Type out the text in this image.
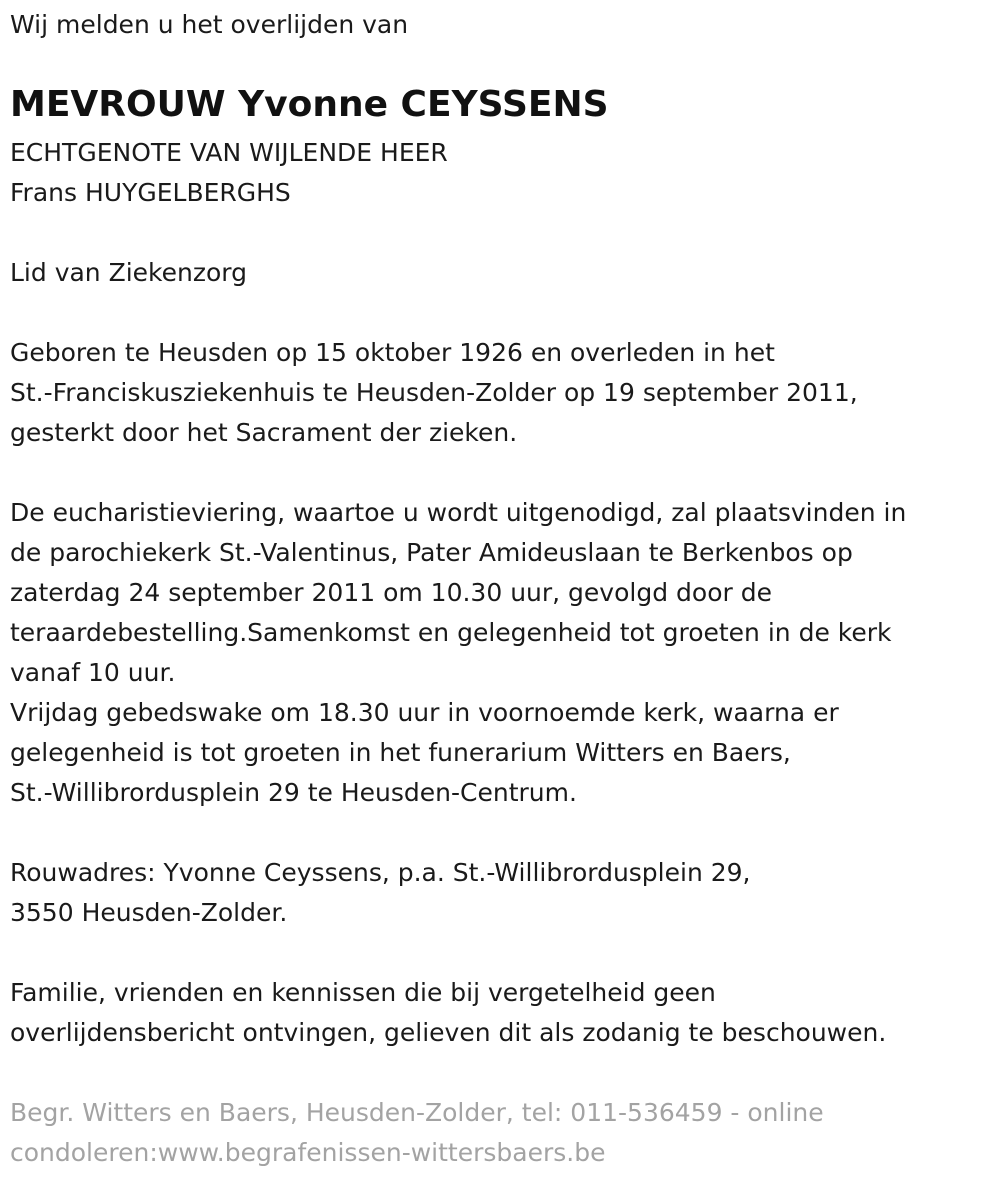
Wij melden u het overlijden van
MEVROUW Yvonne CEYSSENS
ECHTGENOTE VAN WIJLENDE HEER
Frans HUYGELBERGHS
Lid van Ziekenzorg
Geboren te Heusden op 15 oktober 1926 en overleden in het
St.-Franciskusziekenhuis te Heusden-Zolder op 19 september 2011,
gesterkt door het Sacrament der zieken.
De eucharistieviering, waartoe u wordt uitgenodigd, zal plaatsvinden in
de parochiekerk St.-Valentinus, Pater Amideuslaan te Berkenbos op
zaterdag 24 september 2011 om 10.30 uur, gevolgd door de
teraardebestelling.Samenkomst en gelegenheid tot groeten in de kerk
vanaf 10 uur.
Vrijdag gebedswake om 18.30 uur in voornoemde kerk, waarna er
gelegenheid is tot groeten in het funerarium Witters en Baers,
St.-Willibrordusplein 29 te Heusden-Centrum.
Rouwadres: Yvonne Ceyssens, p.a. St.-Willibrordusplein 29,
3550 Heusden-Zolder.
Familie, vrienden en kennissen die bij vergetelheid geen
overlijdensbericht ontvingen, gelieven dit als zodanig te beschouwen.
Begr. Witters en Baers, Heusden-Zolder, tel: 011-536459 - online
condoleren:www.begrafenissen-wittersbaers.be
